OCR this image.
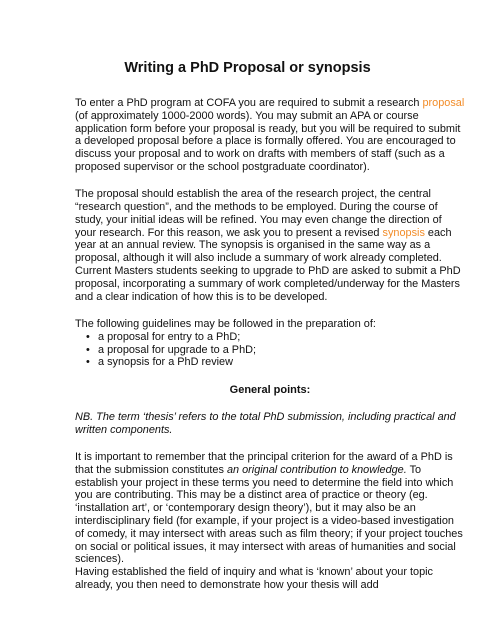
Writing a PhD Proposal or synopsis

To enter a PhD program at COFA you are required to submit a research proposal (of approximately 1000-2000 words). You may submit an APA or course application form before your proposal is ready, but you will be required to submit a developed proposal before a place is formally offered. You are encouraged to discuss your proposal and to work on drafts with members of staff (such as a proposed supervisor or the school postgraduate coordinator).

The proposal should establish the area of the research project, the central “research question”, and the methods to be employed. During the course of study, your initial ideas will be refined. You may even change the direction of your research. For this reason, we ask you to present a revised synopsis each year at an annual review. The synopsis is organised in the same way as a proposal, although it will also include a summary of work already completed. Current Masters students seeking to upgrade to PhD are asked to submit a PhD proposal, incorporating a summary of work completed/underway for the Masters and a clear indication of how this is to be developed.

The following guidelines may be followed in the preparation of:

• a proposal for entry to a PhD;
• a proposal for upgrade to a PhD;
• a synopsis for a PhD review
General points:

NB. The term ‘thesis’ refers to the total PhD submission, including practical and written components.

It is important to remember that the principal criterion for the award of a PhD is that the submission constitutes an original contribution to knowledge. To establish your project in these terms you need to determine the field into which you are contributing. This may be a distinct area of practice or theory (eg. ‘installation art’, or ‘contemporary design theory’), but it may also be an interdisciplinary field (for example, if your project is a video-based investigation of comedy, it may intersect with areas such as film theory; if your project touches on social or political issues, it may intersect with areas of humanities and social sciences).

Having established the field of inquiry and what is ‘known’ about your topic already, you then need to demonstrate how your thesis will add
